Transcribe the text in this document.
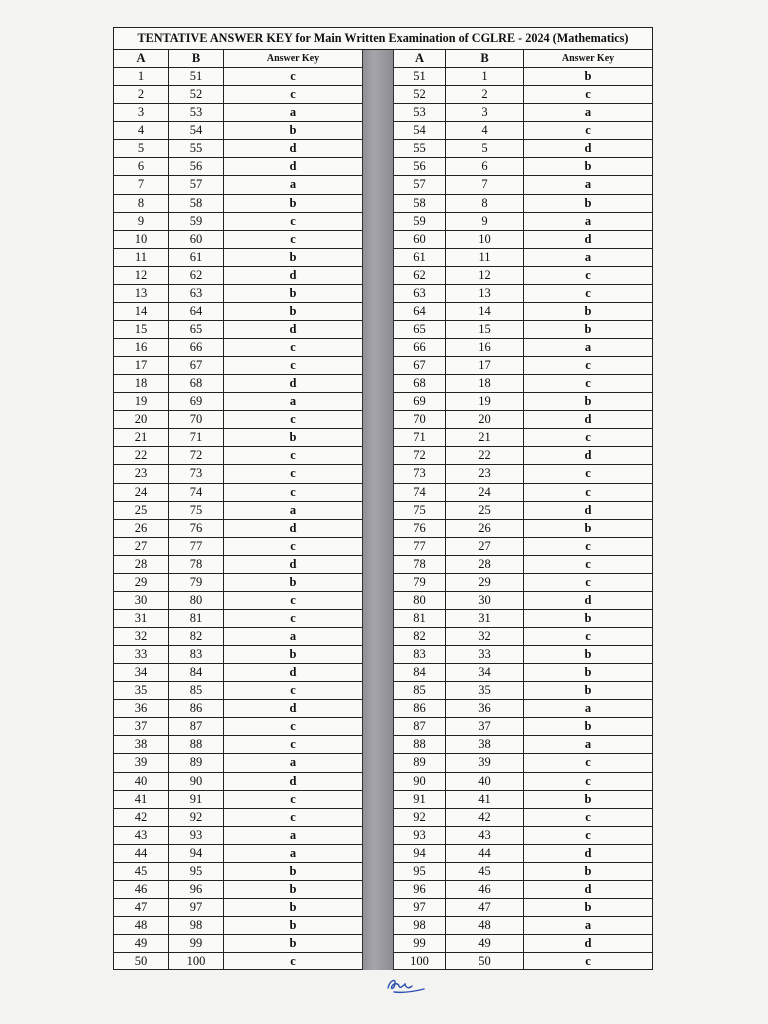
TENTATIVE ANSWER KEY for Main Written Examination of CGLRE - 2024 (Mathematics)
A	B	Answer Key
1	51	c
2	52	c
3	53	a
4	54	b
5	55	d
6	56	d
7	57	a
8	58	b
9	59	c
10	60	c
11	61	b
12	62	d
13	63	b
14	64	b
15	65	d
16	66	c
17	67	c
18	68	d
19	69	a
20	70	c
21	71	b
22	72	c
23	73	c
24	74	c
25	75	a
26	76	d
27	77	c
28	78	d
29	79	b
30	80	c
31	81	c
32	82	a
33	83	b
34	84	d
35	85	c
36	86	d
37	87	c
38	88	c
39	89	a
40	90	d
41	91	c
42	92	c
43	93	a
44	94	a
45	95	b
46	96	b
47	97	b
48	98	b
49	99	b
50	100	c
A	B	Answer Key
51	1	b
52	2	c
53	3	a
54	4	c
55	5	d
56	6	b
57	7	a
58	8	b
59	9	a
60	10	d
61	11	a
62	12	c
63	13	c
64	14	b
65	15	b
66	16	a
67	17	c
68	18	c
69	19	b
70	20	d
71	21	c
72	22	d
73	23	c
74	24	c
75	25	d
76	26	b
77	27	c
78	28	c
79	29	c
80	30	d
81	31	b
82	32	c
83	33	b
84	34	b
85	35	b
86	36	a
87	37	b
88	38	a
89	39	c
90	40	c
91	41	b
92	42	c
93	43	c
94	44	d
95	45	b
96	46	d
97	47	b
98	48	a
99	49	d
100	50	c
